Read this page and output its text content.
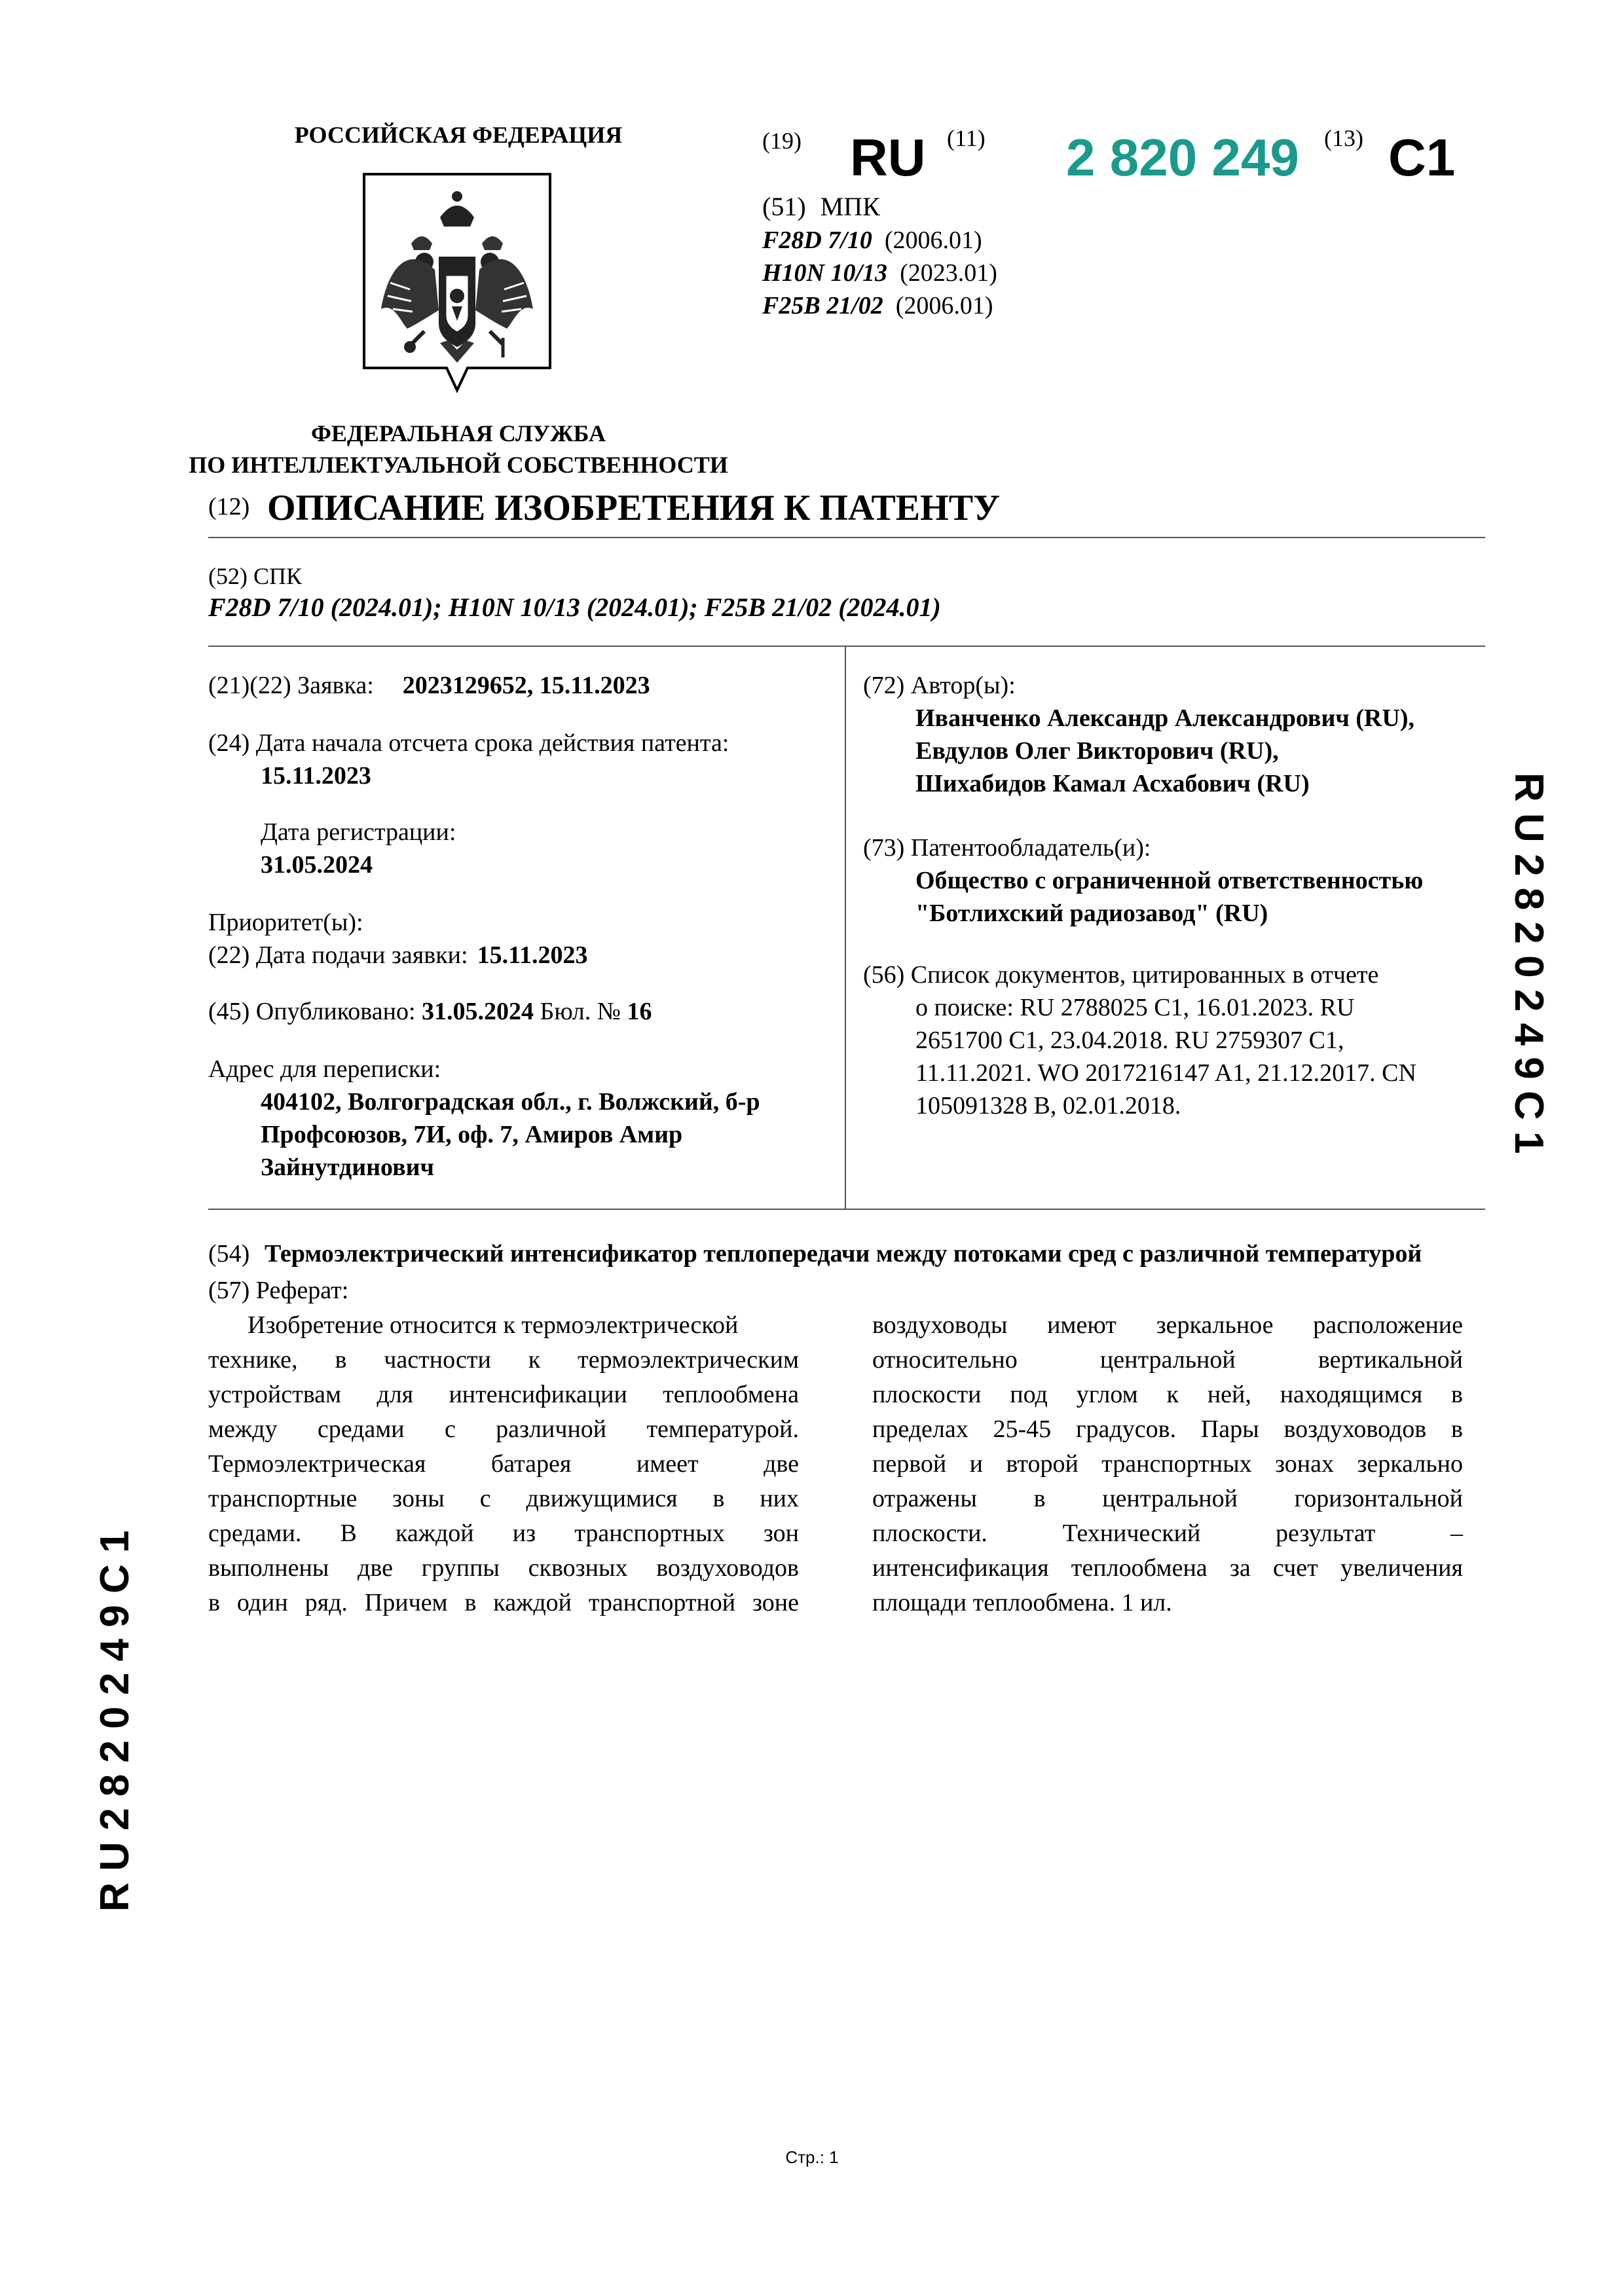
РОССИЙСКАЯ ФЕДЕРАЦИЯ
ФЕДЕРАЛЬНАЯ СЛУЖБА
ПО ИНТЕЛЛЕКТУАЛЬНОЙ СОБСТВЕННОСТИ
(19) RU (11) 2 820 249 (13) C1
(51) МПК
F28D 7/10 (2006.01)
H10N 10/13 (2023.01)
F25B 21/02 (2006.01)
(12) ОПИСАНИЕ ИЗОБРЕТЕНИЯ К ПАТЕНТУ
(52) СПК
F28D 7/10 (2024.01); H10N 10/13 (2024.01); F25B 21/02 (2024.01)
(21)(22) Заявка: 2023129652, 15.11.2023
(24) Дата начала отсчета срока действия патента:
15.11.2023
Дата регистрации:
31.05.2024
Приоритет(ы):
(22) Дата подачи заявки: 15.11.2023
(45) Опубликовано: 31.05.2024 Бюл. № 16
Адрес для переписки:
404102, Волгоградская обл., г. Волжский, б-р
Профсоюзов, 7И, оф. 7, Амиров Амир
Зайнутдинович
(72) Автор(ы):
Иванченко Александр Александрович (RU),
Евдулов Олег Викторович (RU),
Шихабидов Камал Асхабович (RU)
(73) Патентообладатель(и):
Общество с ограниченной ответственностью
"Ботлихский радиозавод" (RU)
(56) Список документов, цитированных в отчете
о поиске: RU 2788025 C1, 16.01.2023. RU
2651700 C1, 23.04.2018. RU 2759307 C1,
11.11.2021. WO 2017216147 A1, 21.12.2017. CN
105091328 B, 02.01.2018.
(54) Термоэлектрический интенсификатор теплопередачи между потоками сред с различной температурой
(57) Реферат:
Изобретение относится к термоэлектрической
технике, в частности к термоэлектрическим
устройствам для интенсификации теплообмена
между средами с различной температурой.
Термоэлектрическая батарея имеет две
транспортные зоны с движущимися в них
средами. В каждой из транспортных зон
выполнены две группы сквозных воздуховодов
в один ряд. Причем в каждой транспортной зоне
воздуховоды имеют зеркальное расположение
относительно центральной вертикальной
плоскости под углом к ней, находящимся в
пределах 25-45 градусов. Пары воздуховодов в
первой и второй транспортных зонах зеркально
отражены в центральной горизонтальной
плоскости. Технический результат –
интенсификация теплообмена за счет увеличения
площади теплообмена. 1 ил.
R U 2 8 2 0 2 4 9 C 1
R U 2 8 2 0 2 4 9 C 1
Стр.: 1
